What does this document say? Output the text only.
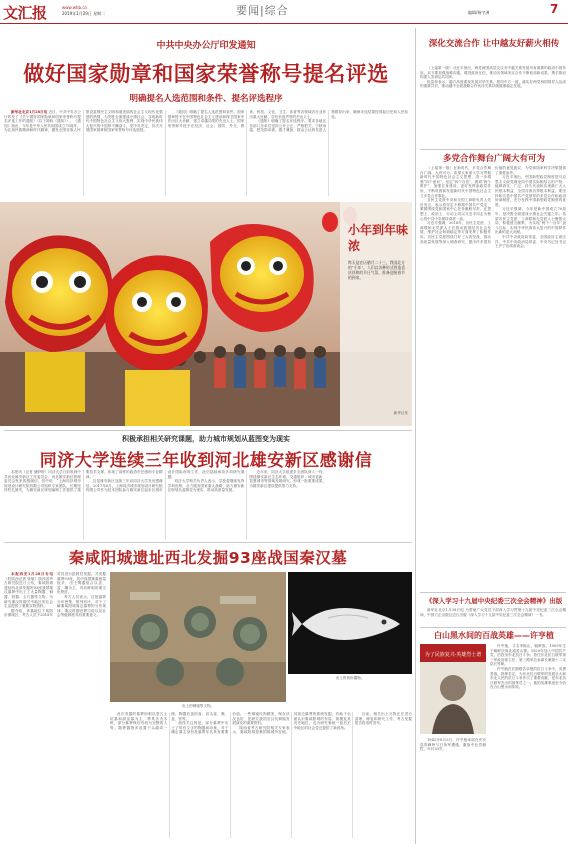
文汇报	www.whb.cn
2019年1月29日 星期二	要闻|综合	编辑/杨宇洲	7
中共中央办公厅印发通知
做好国家勋章和国家荣誉称号提名评选
明确提名人选范围和条件、提名评选程序

新华社北京1月28日电 近日，中共中央办公厅印发了《关于做好国家勋章和国家荣誉称号提名评选工作的通知》（以下简称《通知》）。《通知》指出，今年是中华人民共和国成立70周年，为弘扬民族精神和时代精神，激发全国各族人民建设富强民主文明和谐美丽的社会主义现代化强国的热情，为决胜全面建成小康社会、夺取新时代中国特色社会主义伟大胜利、实现中华民族伟大复兴的中国梦不懈奋斗，党中央决定，首次开展国家勋章和国家荣誉称号评选颁授。

《通知》明确了提名人选范围和条件。国家勋章授予在中国特色社会主义建设和保卫国家中作出巨大贡献、建立卓越功勋的杰出人士。国家荣誉称号授予在经济、社会、国防、外交、教育、科技、文化、卫生、体育等各领域各行业作出重大贡献、享有崇高声誉的杰出人士。

《通知》明确了提名评选程序。要求各地区各部门各单位坚持公开公正、严格把关、宁缺毋滥，把功勋卓著、德才兼备、群众公认的先进人物推荐出来，确保评选结果经得起历史和人民检验。

小年到年味浓
昨天是农历腊月二十三，我国北方的“小年”。人们以各种形式营造喜庆祥和的节日气氛，准备迎接春节的到来。
新华社发
积极承担相关研究课题，助力城市规划从蓝图变为现实
同济大学连续三年收到河北雄安新区感谢信

本报讯（记者 储舒婷）同济大学日前收到中共河北雄安新区工作委员会、河北雄安新区管理委员会发来的感谢信。信中说：“上海同济城市规划设计研究院有限公司组织专家团队，长期坚持驻扎雄安，为雄安新区规划编制工作提供了重要技术支撑，体现了高度的政治责任感和专业精神。”

这是雄安新区连续三年向同济大学发出感谢信。2017年6月，上海同济城市规划设计研究院有限公司作为技术团队参与雄安新区起步区城市设计国际咨询工作，此后陆续承担多项研究课题。

同济大学相关负责人表示，学校将继续发挥学科优势，全力服务国家重大战略，助力雄安新区规划从蓝图变为现实，推动高质量发展。

近年来，同济大学组建多支团队深入一线，围绕雄安新区生态环境、交通组织、城市更新、智慧城市等领域开展研究，形成一批重要成果，为雄安新区建设提供智力支持。

秦咸阳城遗址西北发掘93座战国秦汉墓

本报西安1月28日专电 （驻陕西记者 张敏）陕西省考古研究院近日公布，秦咸阳城遗址西北部发掘的93座战国秦汉墓葬中出土了大量陶器、铜器、铁器、玉石器等文物，为研究秦汉时期关中地区的社会生活提供了重要实物资料。

据介绍，该墓地位于咸阳市渭城区，考古人员于2018年对其进行抢救性发掘。共发掘墓葬93座，其中战国秦墓数量较多，出土陶器组合以釜、盆、罐为主，具有鲜明的秦文化特征。

考古人员表示，这批墓葬分布密集、排列有序，对于了解秦咸阳城周边墓葬的分布规律、秦汉时期丧葬习俗以及社会等级制度具有重要意义。

出土的铜镜等文物。
出土的鱼形器物。

此次发掘的墓葬形制以竖穴土坑墓和洞室墓为主，葬具多为木棺，部分墓葬保存有较为完整的人骨。随葬器物多放置于头端或一侧，陶器有茧形壶、蒜头壶、鼎、盒、钫等。

值得关注的是，部分墓葬中出土了带有文字的陶器和印章，对于确定墓主身份及墓葬年代具有重要价值。一些铜镜纹饰精美，保存状况良好，是研究战国至汉代铜镜发展演变的重要资料。

陕西省考古研究院相关专家表示，秦咸阳城是秦国都城所在地，其周边墓葬的系统发掘，有助于全面认识秦咸阳城的布局、规模及其历史地位，也为研究秦统一前后关中地区的社会变迁提供了新视角。

目前，相关出土文物正在进行清理、修复和研究工作，考古发掘报告将适时发布。

深化交流合作 让中越友好薪火相传

（上接第一版）习近平指出，两党两国高层交往对中越关系发展具有重要的政治引领作用。双方要加强战略沟通，增进政治互信，推动各领域务实合作不断取得新成果，携手推动构建人类命运共同体。

阮富仲表示，越方高度重视发展对华关系，愿同中方一道，落实好两党两国领导人达成的重要共识，推动越中全面战略合作伙伴关系持续健康稳定发展。

多党合作舞台广阔大有可为

（上接第一版）在新时代，多党合作舞台广阔、大有可为。希望大家深入学习贯彻新时代中国特色社会主义思想，进一步增强“四个意识”、坚定“四个自信”、做到“两个维护”，加强自身建设，更好发挥参政党作用，不断巩固和发展新时代中国特色社会主义多党合作事业。

各民主党派中央和全国工商联负责人先后发言，表示将坚定不移跟中国共产党走，紧紧围绕党和国家中心任务履职尽责，在思想上、政治上、行动上同以习近平同志为核心的中共中央保持高度一致。

习近平强调，2018年，各民主党派、工商联和无党派人士在推动我国经济社会发展、维护社会和谐稳定等方面发挥了积极作用。各民主党派围绕打好三大攻坚战、推动高质量发展等深入调查研究，提出许多很有价值的意见建议，为党和国家科学决策提供了重要参考。

习近平指出，中国新型政党制度是马克思主义政党理论同中国实际相结合的产物，能够真实、广泛、持久代表和实现最广大人民根本利益、全国各族各界根本利益。要坚持和完善中国共产党领导的多党合作和政治协商制度，充分发挥中国新型政党制度的优势。

习近平强调，今年是新中国成立70周年，是决胜全面建成小康社会关键之年。希望各民主党派、工商联和无党派人士聚焦大局、积极建言献策，为实现“两个一百年”奋斗目标、实现中华民族伟大复兴的中国梦作出新的更大贡献。

中共中央政治局常委、全国政协主席汪洋，中共中央政治局常委、中央书记处书记王沪宁出席座谈会。

《深入学习十九届中央纪委三次全会精神》出版

新华社北京1月28日电 为帮助广大党员干部深入学习贯彻十九届中央纪委三次全会精神，中国方正出版社近日出版《深入学习十九届中央纪委三次全会精神》一书。

白山黑水间的百战英雄——许亨植
为了民族复兴·英雄烈士谱

许亨植，又名李熙山，朝鲜族，1909年生于朝鲜庆尚北道善山郡。1929年加入中国共产党，后投身东北抗日斗争。曾任东北抗日联军第三军政治部主任、第三路军总参谋长兼第十二支队长等职。

许亨植在长期艰苦卓绝的抗日斗争中，英勇善战，指挥若定，为东北抗日联军的发展壮大和东北人民的抗日斗争作出了重要贡献，是东北抗日联军杰出的指挥员之一。他的英雄事迹至今仍在白山黑水间传颂。

1942年8月3日，许亨植率部在庆安县青峰岭与日伪军遭遇，激战中壮烈牺牲，年仅33岁。
